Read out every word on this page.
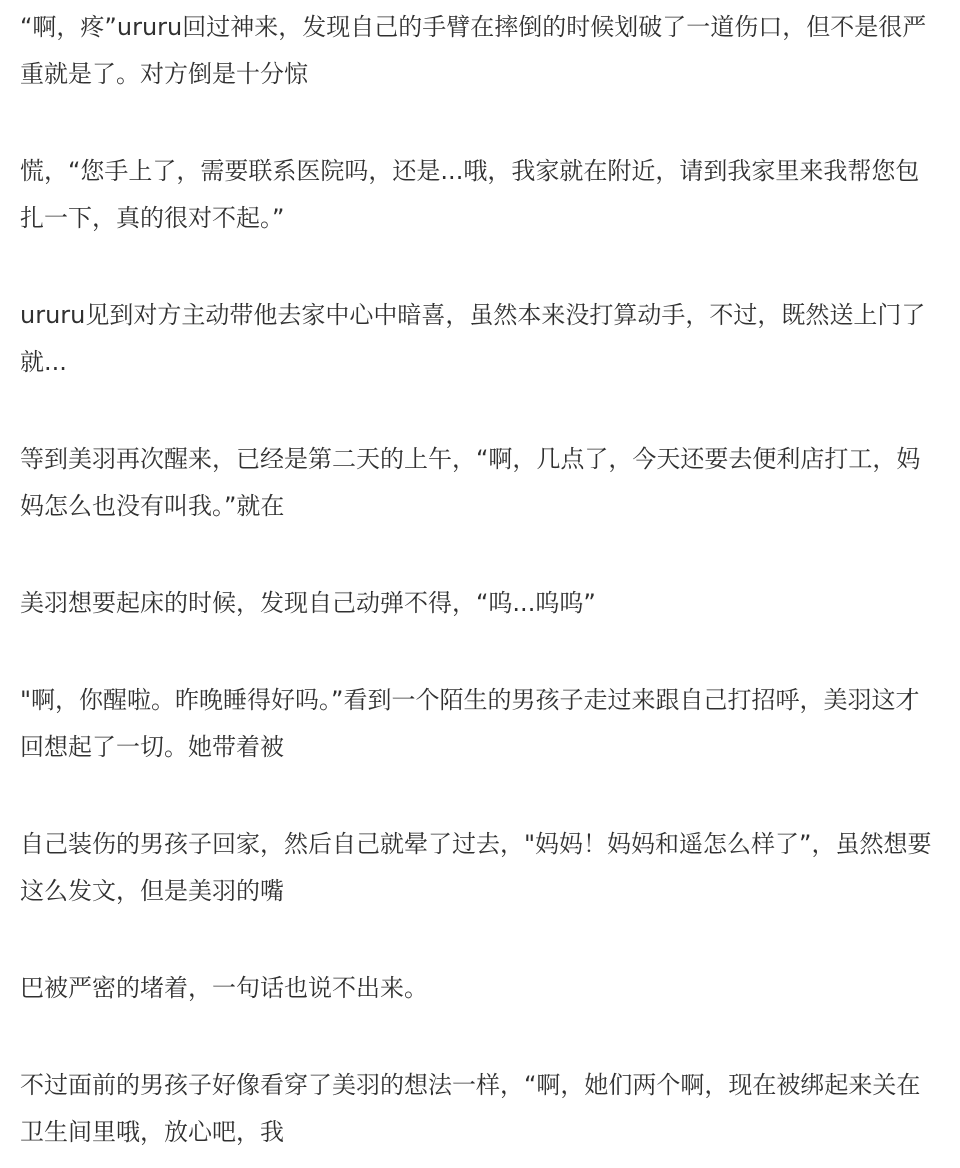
“啊，疼”ururu回过神来，发现自己的手臂在摔倒的时候划破了一道伤口，但不是很严重就是了。对方倒是十分惊

慌，“您手上了，需要联系医院吗，还是...哦，我家就在附近，请到我家里来我帮您包扎一下，真的很对不起。”

ururu见到对方主动带他去家中心中暗喜，虽然本来没打算动手，不过，既然送上门了就...

等到美羽再次醒来，已经是第二天的上午，“啊，几点了，今天还要去便利店打工，妈妈怎么也没有叫我。”就在

美羽想要起床的时候，发现自己动弹不得，“呜...呜呜”

"啊，你醒啦。昨晚睡得好吗。”看到一个陌生的男孩子走过来跟自己打招呼，美羽这才回想起了一切。她带着被

自己装伤的男孩子回家，然后自己就晕了过去，"妈妈！妈妈和遥怎么样了”，虽然想要这么发文，但是美羽的嘴

巴被严密的堵着，一句话也说不出来。

不过面前的男孩子好像看穿了美羽的想法一样，“啊，她们两个啊，现在被绑起来关在卫生间里哦，放心吧，我
